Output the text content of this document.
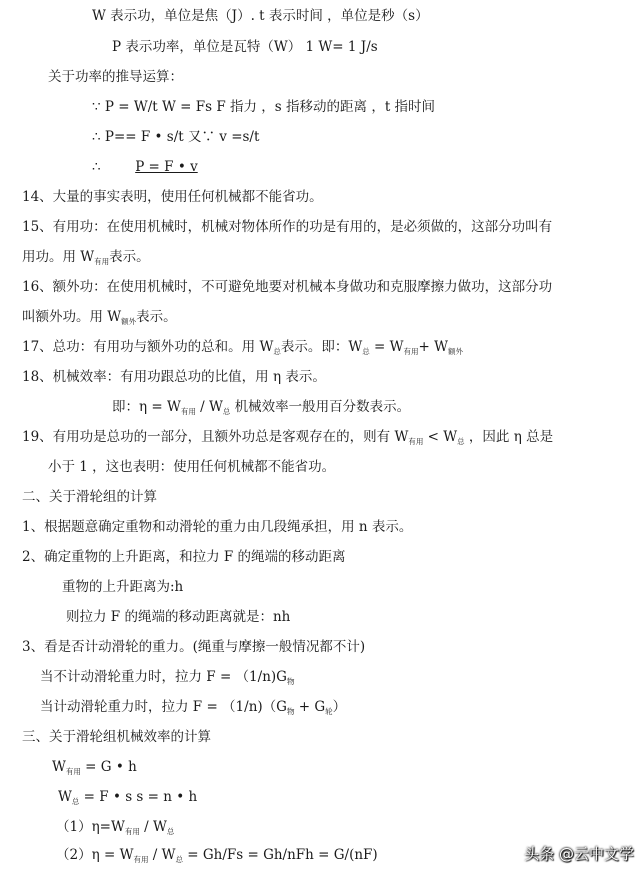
W 表示功，单位是焦（J）. t 表示时间 ，单位是秒（s）
P 表示功率，单位是瓦特（W） 1 W= 1 J/s
关于功率的推导运算：
∵ P = W/t W = Fs F 指力 ，s 指移动的距离 ，t 指时间
∴ P== F • s/t 又∵ v =s/t
∴	P = F • v
14、大量的事实表明，使用任何机械都不能省功。
15、有用功：在使用机械时，机械对物体所作的功是有用的，是必须做的，这部分功叫有
用功。用 $W_{有用}$表示。
16、额外功：在使用机械时，不可避免地要对机械本身做功和克服摩擦力做功，这部分功
叫额外功。用 $W_{额外}$表示。
17、总功：有用功与额外功的总和。用 $W_总$表示。即：$W_总 = W_{有用}+ W_{额外}$
18、机械效率：有用功跟总功的比值，用 η 表示。
即：$\eta = W_{有用} / W_总$ 机械效率一般用百分数表示。
19、有用功是总功的一部分，且额外功总是客观存在的，则有 $W_{有用} < W_总$ ，因此 η 总是
小于 1 ，这也表明：使用任何机械都不能省功。
二、关于滑轮组的计算
1、根据题意确定重物和动滑轮的重力由几段绳承担，用 n 表示。
2、确定重物的上升距离，和拉力 F 的绳端的移动距离
重物的上升距离为:h
则拉力 F 的绳端的移动距离就是：nh
3、看是否计动滑轮的重力。(绳重与摩擦一般情况都不计)
当不计动滑轮重力时，拉力 $F = (1/n)G_物$
当计动滑轮重力时，拉力 $F = (1/n)(G_物 + G_轮)$
三、关于滑轮组机械效率的计算
$W_{有用} = G$ • h
$W_总 = F$ • s s = n • h
$(1)\eta=W_{有用} / W_总$
$(2)\eta = W_{有用} / W_总 = Gh/Fs = Gh/nFh = G/(nF)$	头条 @云中文学
